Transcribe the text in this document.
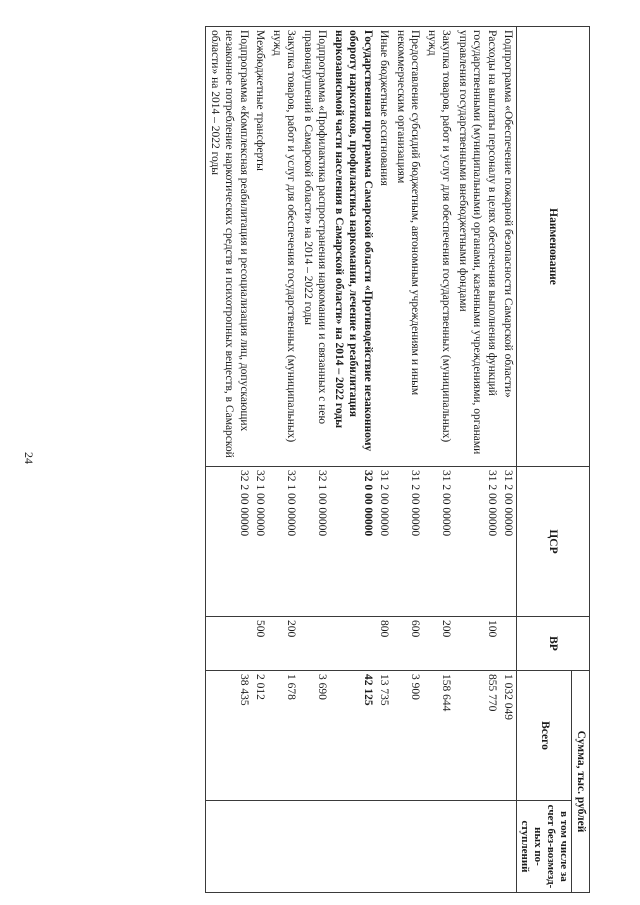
24
Наименование	ЦСР	ВР	Сумма, тыс. рублей	
			Всего	в том числе за счет без-возмезд-ных по-ступлений
Подпрограмма «Обеспечение пожарной безопасности Самарской области»	31 2 00 00000		1 032 049	
Расходы на выплаты персоналу в целях обеспечения выполнения функций государственными (муниципальными) органами, казенными учреждениями, органами управления государственными внебюджетными фондами	31 2 00 00000	100	855 770	
Закупка товаров, работ и услуг для обеспечения государственных (муниципальных) нужд	31 2 00 00000	200	158 644	
Предоставление субсидий бюджетным, автономным учреждениям и иным некоммерческим организациям	31 2 00 00000	600	3 900	
Иные бюджетные ассигнования	31 2 00 00000	800	13 735	
Государственная программа Самарской области «Противодействие незаконному обороту наркотиков, профилактика наркомании, лечение и реабилитация наркозависимой части населения в Самарской области» на 2014 – 2022 годы	32 0 00 00000		42 125	
Подпрограмма «Профилактика распространения наркомании и связанных с нею правонарушений в Самарской области» на 2014 – 2022 годы	32 1 00 00000		3 690	
Закупка товаров, работ и услуг для обеспечения государственных (муниципальных) нужд	32 1 00 00000	200	1 678	
Межбюджетные трансферты	32 1 00 00000	500	2 012	
Подпрограмма «Комплексная реабилитация и ресоциализация лиц, допускающих незаконное потребление наркотических средств и психотропных веществ, в Самарской области» на 2014 – 2022 годы	32 2 00 00000		38 435	
